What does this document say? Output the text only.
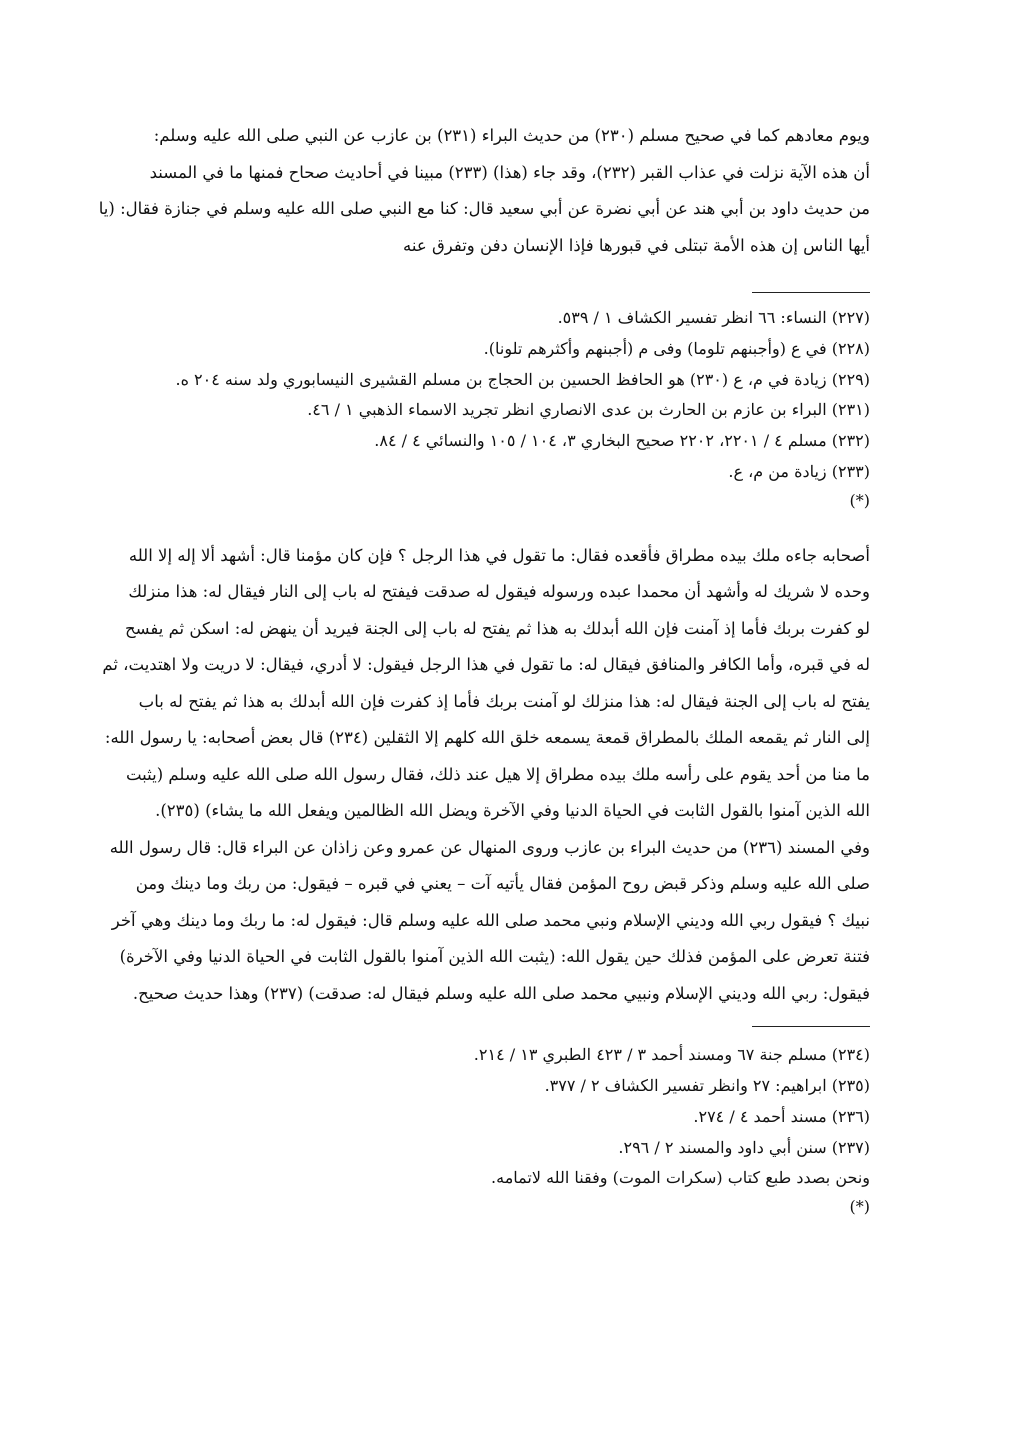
ويوم معادهم كما في صحيح مسلم (٢٣٠) من حديث البراء (٢٣١) بن عازب عن النبي صلى الله عليه وسلم:
أن هذه الآية نزلت في عذاب القبر (٢٣٢)، وقد جاء (هذا) (٢٣٣) مبينا في أحاديث صحاح فمنها ما في المسند
من حديث داود بن أبي هند عن أبي نضرة عن أبي سعيد قال: كنا مع النبي صلى الله عليه وسلم في جنازة فقال: (يا
أيها الناس إن هذه الأمة تبتلى في قبورها فإذا الإنسان دفن وتفرق عنه

(٢٢٧) النساء: ٦٦ انظر تفسير الكشاف ١ / ٥٣٩.
(٢٢٨) في ع (وأجبنهم تلوما) وفى م (أجبنهم وأكثرهم تلونا).
(٢٢٩) زيادة في م، ع (٢٣٠) هو الحافظ الحسين بن الحجاج بن مسلم القشيرى النيسابوري ولد سنه ٢٠٤ ه.
(٢٣١) البراء بن عازم بن الحارث بن عدى الانصاري انظر تجريد الاسماء الذهبي ١ / ٤٦.
(٢٣٢) مسلم ٤ / ٢٢٠١، ٢٢٠٢ صحيح البخاري ٣، ١٠٤ / ١٠٥ والنسائي ٤ / ٨٤.
(٢٣٣) زيادة من م، ع.
(*)

أصحابه جاءه ملك بيده مطراق فأقعده فقال: ما تقول في هذا الرجل ؟ فإن كان مؤمنا قال: أشهد ألا إله إلا الله
وحده لا شريك له وأشهد أن محمدا عبده ورسوله فيقول له صدقت فيفتح له باب إلى النار فيقال له: هذا منزلك
لو كفرت بربك فأما إذ آمنت فإن الله أبدلك به هذا ثم يفتح له باب إلى الجنة فيريد أن ينهض له: اسكن ثم يفسح
له في قبره، وأما الكافر والمنافق فيقال له: ما تقول في هذا الرجل فيقول: لا أدري، فيقال: لا دريت ولا اهتديت، ثم
يفتح له باب إلى الجنة فيقال له: هذا منزلك لو آمنت بربك فأما إذ كفرت فإن الله أبدلك به هذا ثم يفتح له باب
إلى النار ثم يقمعه الملك بالمطراق قمعة يسمعه خلق الله كلهم إلا الثقلين (٢٣٤) قال بعض أصحابه: يا رسول الله:
ما منا من أحد يقوم على رأسه ملك بيده مطراق إلا هيل عند ذلك، فقال رسول الله صلى الله عليه وسلم (يثبت
الله الذين آمنوا بالقول الثابت في الحياة الدنيا وفي الآخرة ويضل الله الظالمين ويفعل الله ما يشاء) (٢٣٥).
وفي المسند (٢٣٦) من حديث البراء بن عازب وروى المنهال عن عمرو وعن زاذان عن البراء قال: قال رسول الله
صلى الله عليه وسلم وذكر قبض روح المؤمن فقال يأتيه آت – يعني في قبره – فيقول: من ربك وما دينك ومن
نبيك ؟ فيقول ربي الله وديني الإسلام ونبي محمد صلى الله عليه وسلم قال: فيقول له: ما ربك وما دينك وهي آخر
فتنة تعرض على المؤمن فذلك حين يقول الله: (يثبت الله الذين آمنوا بالقول الثابت في الحياة الدنيا وفي الآخرة)
فيقول: ربي الله وديني الإسلام ونبيي محمد صلى الله عليه وسلم فيقال له: صدقت) (٢٣٧) وهذا حديث صحيح.

(٢٣٤) مسلم جنة ٦٧ ومسند أحمد ٣ / ٤٢٣ الطبري ١٣ / ٢١٤.
(٢٣٥) ابراهيم: ٢٧ وانظر تفسير الكشاف ٢ / ٣٧٧.
(٢٣٦) مسند أحمد ٤ / ٢٧٤.
(٢٣٧) سنن أبي داود والمسند ٢ / ٢٩٦.
ونحن بصدد طبع كتاب (سكرات الموت) وفقنا الله لاتمامه.
(*)
